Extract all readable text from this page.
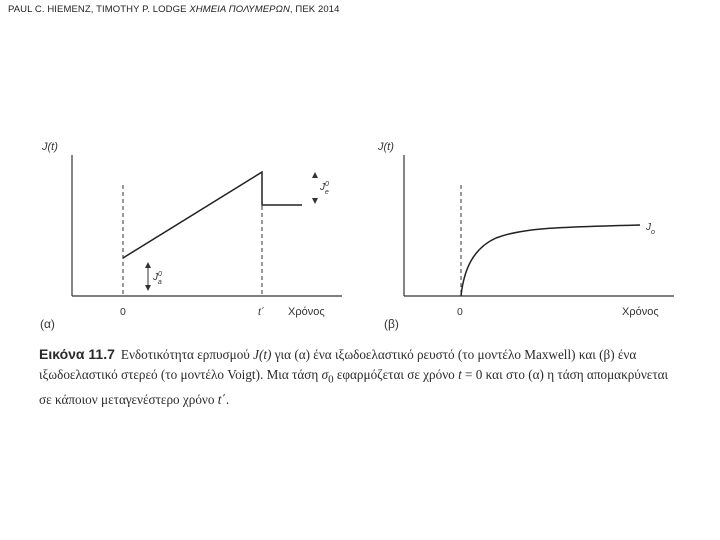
PAUL C. HIEMENZ, TIMOTHY P. LODGE ΧΗΜΕΙΑ ΠΟΛΥΜΕΡΩΝ, ΠΕΚ 2014
J(t)
$J^0$ a
$J^0$ e
0	t΄ Χρόνος
(α)
J(t)
$J_o$
0	Χρόνος
(β)
Εικόνα 11.7 Ενδοτικότητα ερπυσμού J(t) για (α) ένα ιξωδοελαστικό ρευστό (το μοντέλο Maxwell) και (β) ένα ιξωδοελαστικό στερεό (το μοντέλο Voigt). Μια τάση $\sigma_0$ εφαρμόζεται σε χρόνο t = 0 και στο (α) η τάση απομακρύνεται σε κάποιον μεταγενέστερο χρόνο t΄.
